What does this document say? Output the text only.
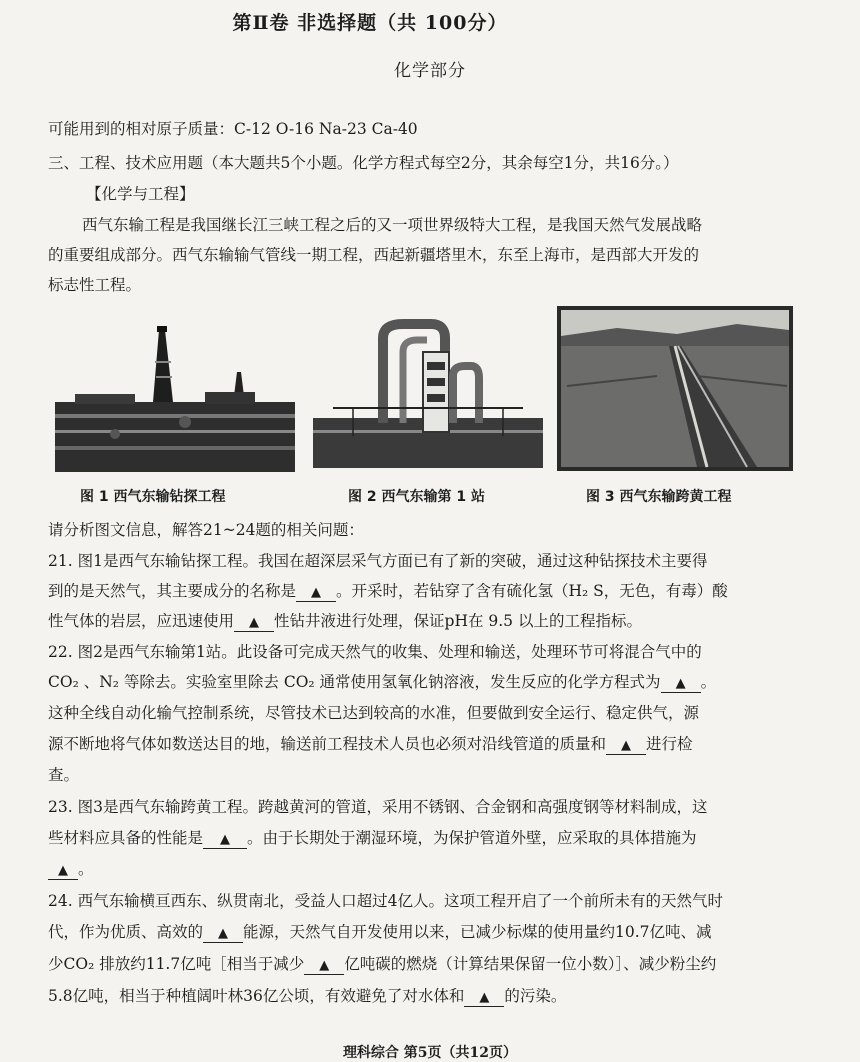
第Ⅱ卷 非选择题（共 100分）
化学部分
可能用到的相对原子质量：C-12 O-16 Na-23 Ca-40
三、工程、技术应用题（本大题共5个小题。化学方程式每空2分，其余每空1分，共16分。）
【化学与工程】
西气东输工程是我国继长江三峡工程之后的又一项世界级特大工程，是我国天然气发展战略
的重要组成部分。西气东输输气管线一期工程，西起新疆塔里木，东至上海市，是西部大开发的
标志性工程。
图 1 西气东输钻探工程	图 2 西气东输第 1 站	图 3 西气东输跨黄工程
请分析图文信息，解答21~24题的相关问题：
21. 图1是西气东输钻探工程。我国在超深层采气方面已有了新的突破，通过这种钻探技术主要得
到的是天然气，其主要成分的名称是 ▲ 。开采时，若钻穿了含有硫化氢（H₂ S，无色，有毒）酸
性气体的岩层，应迅速使用 ▲ 性钻井液进行处理，保证pH在 9.5 以上的工程指标。
22. 图2是西气东输第1站。此设备可完成天然气的收集、处理和输送，处理环节可将混合气中的
CO₂ 、N₂ 等除去。实验室里除去 CO₂ 通常使用氢氧化钠溶液，发生反应的化学方程式为 ▲ 。
这种全线自动化输气控制系统，尽管技术已达到较高的水准，但要做到安全运行、稳定供气，源
源不断地将气体如数送达目的地，输送前工程技术人员也必须对沿线管道的质量和 ▲ 进行检
查。
23. 图3是西气东输跨黄工程。跨越黄河的管道，采用不锈钢、合金钢和高强度钢等材料制成，这
些材料应具备的性能是 ▲ 。由于长期处于潮湿环境，为保护管道外壁，应采取的具体措施为
▲ 。
24. 西气东输横亘西东、纵贯南北，受益人口超过4亿人。这项工程开启了一个前所未有的天然气时
代，作为优质、高效的 ▲ 能源，天然气自开发使用以来，已减少标煤的使用量约10.7亿吨、减
少CO₂ 排放约11.7亿吨［相当于减少 ▲ 亿吨碳的燃烧（计算结果保留一位小数）］、减少粉尘约
5.8亿吨，相当于种植阔叶林36亿公顷，有效避免了对水体和 ▲ 的污染。
理科综合 第5页（共12页）
